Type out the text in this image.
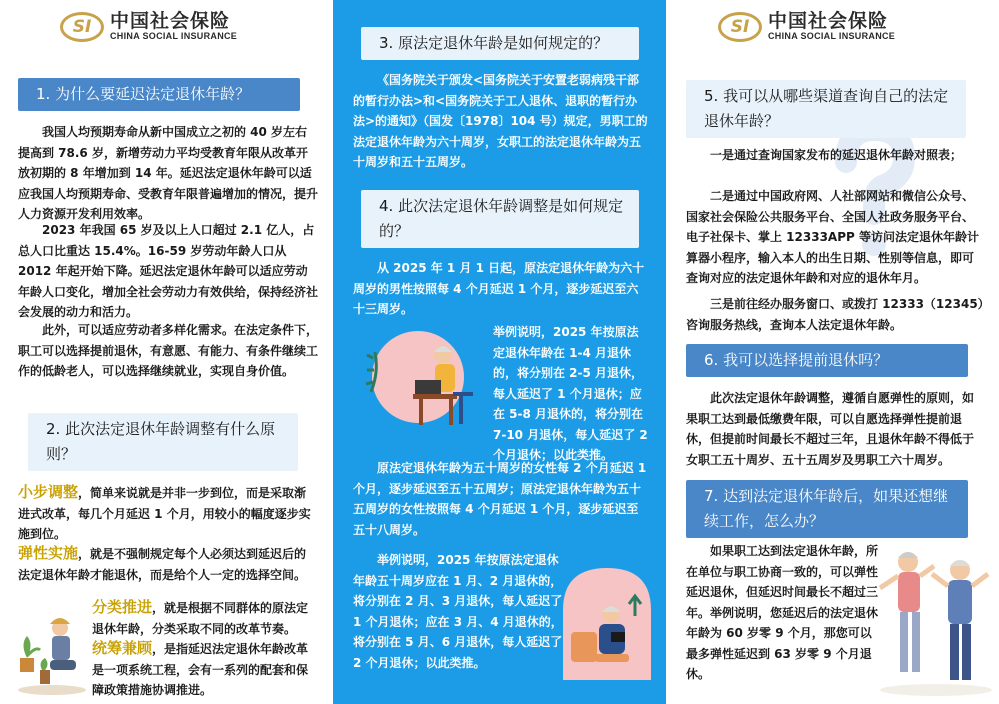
SI 中国社会保险
CHINA SOCIAL INSURANCE
1. 为什么要延迟法定退休年龄？
我国人均预期寿命从新中国成立之初的 40 岁左右提高到 78.6 岁，新增劳动力平均受教育年限从改革开放初期的 8 年增加到 14 年。延迟法定退休年龄可以适应我国人均预期寿命、受教育年限普遍增加的情况，提升人力资源开发利用效率。
2023 年我国 65 岁及以上人口超过 2.1 亿人，占总人口比重达 15.4%。16-59 岁劳动年龄人口从 2012 年起开始下降。延迟法定退休年龄可以适应劳动年龄人口变化，增加全社会劳动力有效供给，保持经济社会发展的动力和活力。
此外，可以适应劳动者多样化需求。在法定条件下，职工可以选择提前退休，有意愿、有能力、有条件继续工作的低龄老人，可以选择继续就业，实现自身价值。
2. 此次法定退休年龄调整有什么原则？
小步调整，简单来说就是并非一步到位，而是采取渐进式改革，每几个月延迟 1 个月，用较小的幅度逐步实施到位。
弹性实施，就是不强制规定每个人必须达到延迟后的法定退休年龄才能退休，而是给个人一定的选择空间。
分类推进，就是根据不同群体的原法定退休年龄，分类采取不同的改革节奏。
统筹兼顾，是指延迟法定退休年龄改革是一项系统工程，会有一系列的配套和保障政策措施协调推进。
3. 原法定退休年龄是如何规定的？
《国务院关于颁发<国务院关于安置老弱病残干部的暂行办法>和<国务院关于工人退休、退职的暂行办法>的通知》（国发〔1978〕104 号）规定，男职工的法定退休年龄为六十周岁，女职工的法定退休年龄为五十周岁和五十五周岁。
4. 此次法定退休年龄调整是如何规定的？
从 2025 年 1 月 1 日起，原法定退休年龄为六十周岁的男性按照每 4 个月延迟 1 个月，逐步延迟至六十三周岁。
举例说明，2025 年按原法定退休年龄在 1-4 月退休的，将分别在 2-5 月退休，每人延迟了 1 个月退休；应在 5-8 月退休的，将分别在 7-10 月退休，每人延迟了 2 个月退休；以此类推。
原法定退休年龄为五十周岁的女性每 2 个月延迟 1 个月，逐步延迟至五十五周岁；原法定退休年龄为五十五周岁的女性按照每 4 个月延迟 1 个月，逐步延迟至五十八周岁。
举例说明，2025 年按原法定退休年龄五十周岁应在 1 月、2 月退休的，将分别在 2 月、3 月退休，每人延迟了 1 个月退休；应在 3 月、4 月退休的，将分别在 5 月、6 月退休，每人延迟了 2 个月退休；以此类推。
SI 中国社会保险
CHINA SOCIAL INSURANCE
5. 我可以从哪些渠道查询自己的法定退休年龄？
一是通过查询国家发布的延迟退休年龄对照表；
二是通过中国政府网、人社部网站和微信公众号、国家社会保险公共服务平台、全国人社政务服务平台、电子社保卡、掌上 12333APP 等访问法定退休年龄计算器小程序，输入本人的出生日期、性别等信息，即可查询对应的法定退休年龄和对应的退休年月。
三是前往经办服务窗口、或拨打 12333（12345）咨询服务热线，查询本人法定退休年龄。
6. 我可以选择提前退休吗？
此次法定退休年龄调整，遵循自愿弹性的原则，如果职工达到最低缴费年限，可以自愿选择弹性提前退休，但提前时间最长不超过三年，且退休年龄不得低于女职工五十周岁、五十五周岁及男职工六十周岁。
7. 达到法定退休年龄后，如果还想继续工作，怎么办？
如果职工达到法定退休年龄，所在单位与职工协商一致的，可以弹性延迟退休，但延迟时间最长不超过三年。举例说明，您延迟后的法定退休年龄为 60 岁零 9 个月，那您可以最多弹性延迟到 63 岁零 9 个月退休。
